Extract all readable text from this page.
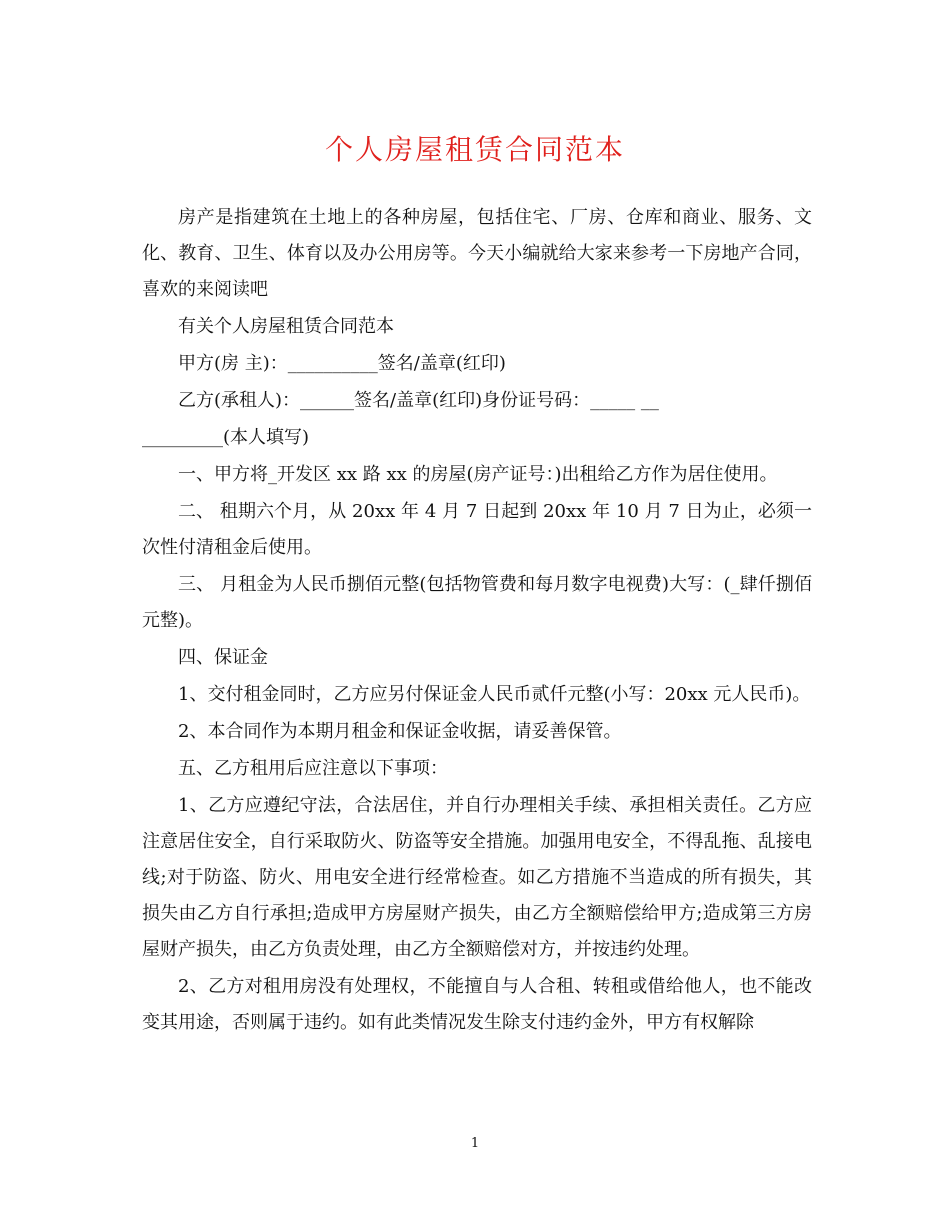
个人房屋租赁合同范本

房产是指建筑在土地上的各种房屋，包括住宅、厂房、仓库和商业、服务、文化、教育、卫生、体育以及办公用房等。今天小编就给大家来参考一下房地产合同，喜欢的来阅读吧

有关个人房屋租赁合同范本

甲方(房 主)：__________签名/盖章(红印)

乙方(承租人)：______签名/盖章(红印)身份证号码：_____ __

_________(本人填写)

一、甲方将_开发区 xx 路 xx 的房屋(房产证号：)出租给乙方作为居住使用。

二、 租期六个月，从 20xx 年 4 月 7 日起到 20xx 年 10 月 7 日为止，必须一次性付清租金后使用。

三、 月租金为人民币捌佰元整(包括物管费和每月数字电视费)大写：(_肆仟捌佰元整)。

四、保证金

1、交付租金同时，乙方应另付保证金人民币贰仟元整(小写：20xx 元人民币)。

2、本合同作为本期月租金和保证金收据，请妥善保管。

五、乙方租用后应注意以下事项：

1、乙方应遵纪守法，合法居住，并自行办理相关手续、承担相关责任。乙方应注意居住安全，自行采取防火、防盗等安全措施。加强用电安全，不得乱拖、乱接电线;对于防盗、防火、用电安全进行经常检查。如乙方措施不当造成的所有损失，其损失由乙方自行承担;造成甲方房屋财产损失，由乙方全额赔偿给甲方;造成第三方房屋财产损失，由乙方负责处理，由乙方全额赔偿对方，并按违约处理。

2、乙方对租用房没有处理权，不能擅自与人合租、转租或借给他人，也不能改变其用途，否则属于违约。如有此类情况发生除支付违约金外，甲方有权解除

1
